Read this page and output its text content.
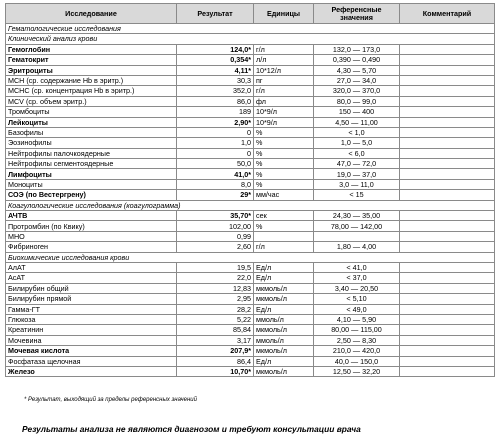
Исследование	Результат	Единицы	Референсные значения	Комментарий
Гематологические исследования				
Клинический анализ крови				
Гемоглобин	124,0*	г/л	132,0 — 173,0	
Гематокрит	0,354*	л/л	0,390 — 0,490	
Эритроциты	4,11*	10*12/л	4,30 — 5,70	
МСН (ср. содержание Hb в эритр.)	30,3	пг	27,0 — 34,0	
МСНС (ср. концентрация Hb в эритр.)	352,0	г/л	320,0 — 370,0	
MCV (ср. объем эритр.)	86,0	фл	80,0 — 99,0	
Тромбоциты	189	10*9/л	150 — 400	
Лейкоциты	2,90*	10*9/л	4,50 — 11,00	
Базофилы	0	%	< 1,0	
Эозинофилы	1,0	%	1,0 — 5,0	
Нейтрофилы палочкоядерные	0	%	< 6,0	
Нейтрофилы сегментоядерные	50,0	%	47,0 — 72,0	
Лимфоциты	41,0*	%	19,0 — 37,0	
Моноциты	8,0	%	3,0 — 11,0	
СОЭ (по Вестергрену)	29*	мм/час	< 15	
Коагулологические исследования (коагулограмма)				
АЧТВ	35,70*	сек	24,30 — 35,00	
Протромбин (по Квику)	102,00	%	78,00 — 142,00	
МНО	0,99			
Фибриноген	2,60	г/л	1,80 — 4,00	
Биохимические исследования крови				
АлАТ	19,5	Ед/л	< 41,0	
АсАТ	22,0	Ед/л	< 37,0	
Билирубин общий	12,83	мкмоль/л	3,40 — 20,50	
Билирубин прямой	2,95	мкмоль/л	< 5,10	
Гамма-ГТ	28,2	Ед/л	< 49,0	
Глюкоза	5,22	ммоль/л	4,10 — 5,90	
Креатинин	85,84	мкмоль/л	80,00 — 115,00	
Мочевина	3,17	ммоль/л	2,50 — 8,30	
Мочевая кислота	207,9*	мкмоль/л	210,0 — 420,0	
Фосфатаза щелочная	86,4	Ед/л	40,0 — 150,0	
Железо	10,70*	мкмоль/л	12,50 — 32,20	
* Результат, выходящий за пределы референсных значений
Результаты анализа не являются диагнозом и требуют консультации врача
